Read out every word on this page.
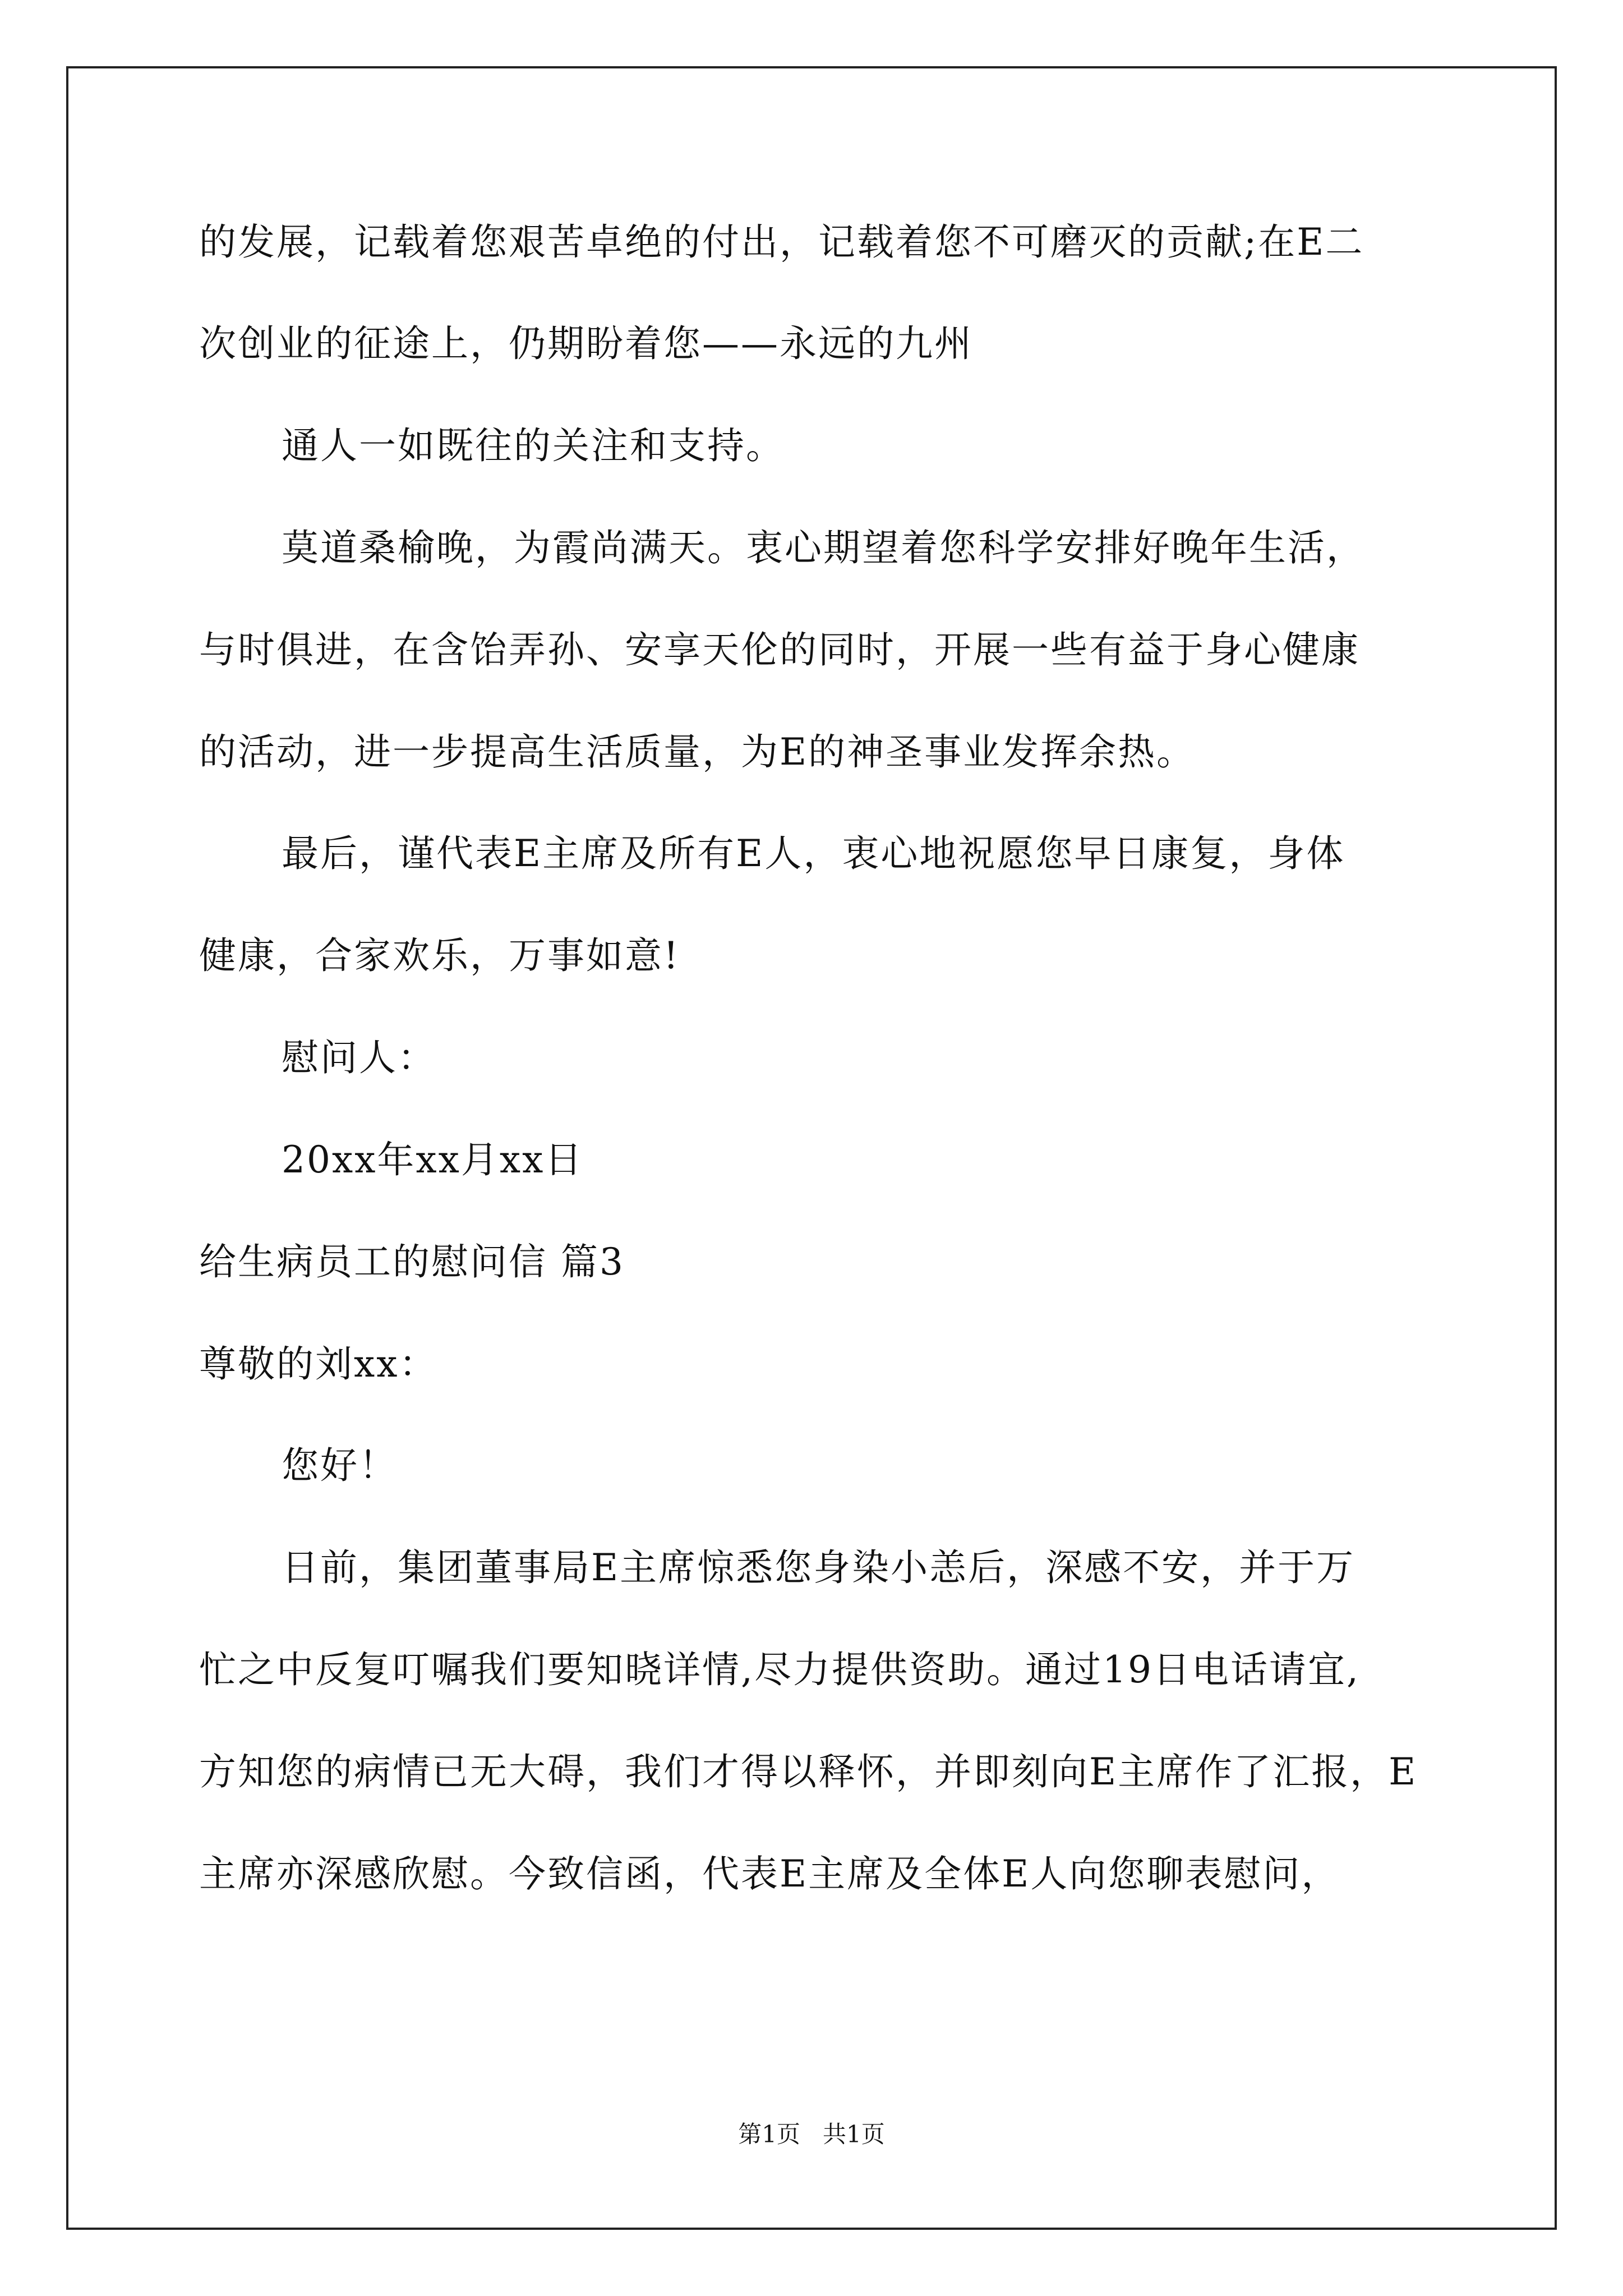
的发展，记载着您艰苦卓绝的付出，记载着您不可磨灭的贡献;在E二
次创业的征途上，仍期盼着您——永远的九州
通人一如既往的关注和支持。
莫道桑榆晚，为霞尚满天。衷心期望着您科学安排好晚年生活，
与时俱进，在含饴弄孙、安享天伦的同时，开展一些有益于身心健康
的活动，进一步提高生活质量，为E的神圣事业发挥余热。
最后，谨代表E主席及所有E人，衷心地祝愿您早日康复，身体
健康，合家欢乐，万事如意!
慰问人：
20xx年xx月xx日
给生病员工的慰问信 篇3
尊敬的刘xx：
您好！
日前，集团董事局E主席惊悉您身染小恙后，深感不安，并于万
忙之中反复叮嘱我们要知晓详情,尽力提供资助。通过19日电话请宜,
方知您的病情已无大碍，我们才得以释怀，并即刻向E主席作了汇报，E
主席亦深感欣慰。今致信函，代表E主席及全体E人向您聊表慰问，
第1页 共1页
